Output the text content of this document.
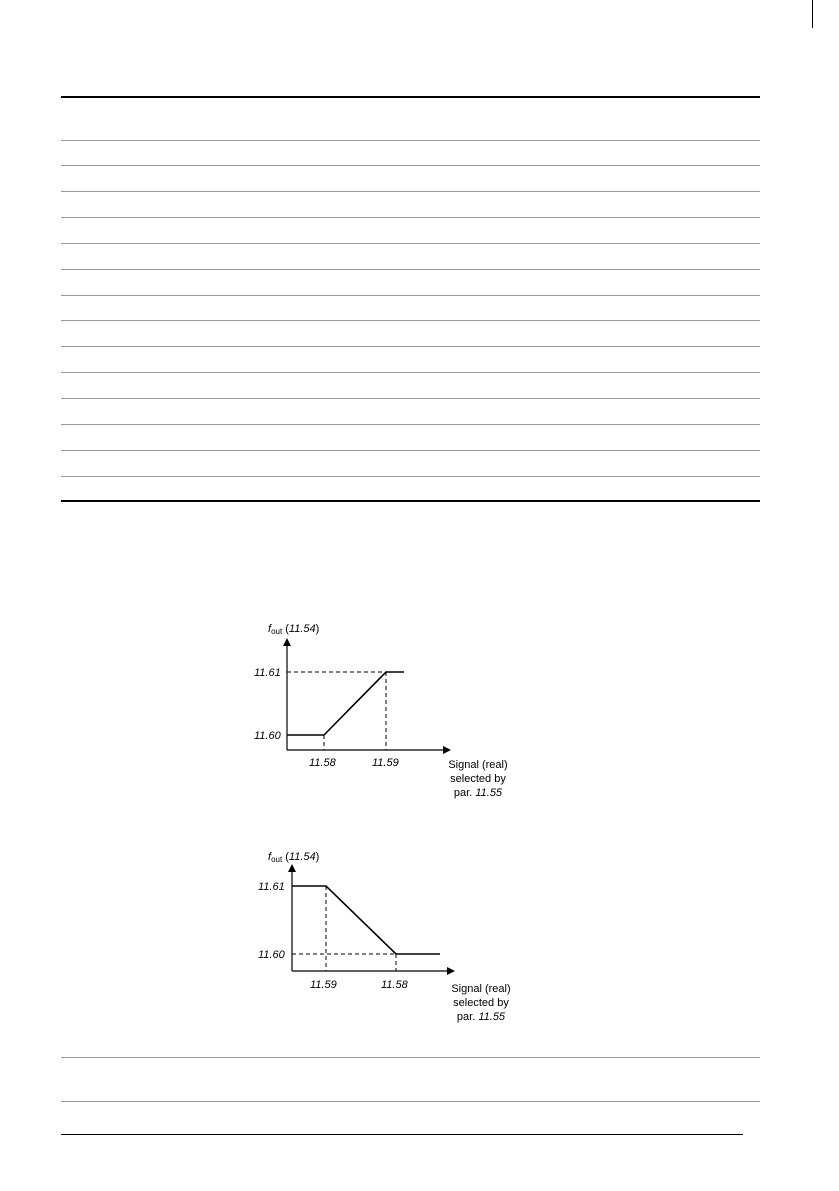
fout (11.54)
11.61
11.60
11.58	11.59	Signal (real)
selected by
par. 11.55
fout (11.54)
11.61
11.60
11.59	11.58	Signal (real)
selected by
par. 11.55
